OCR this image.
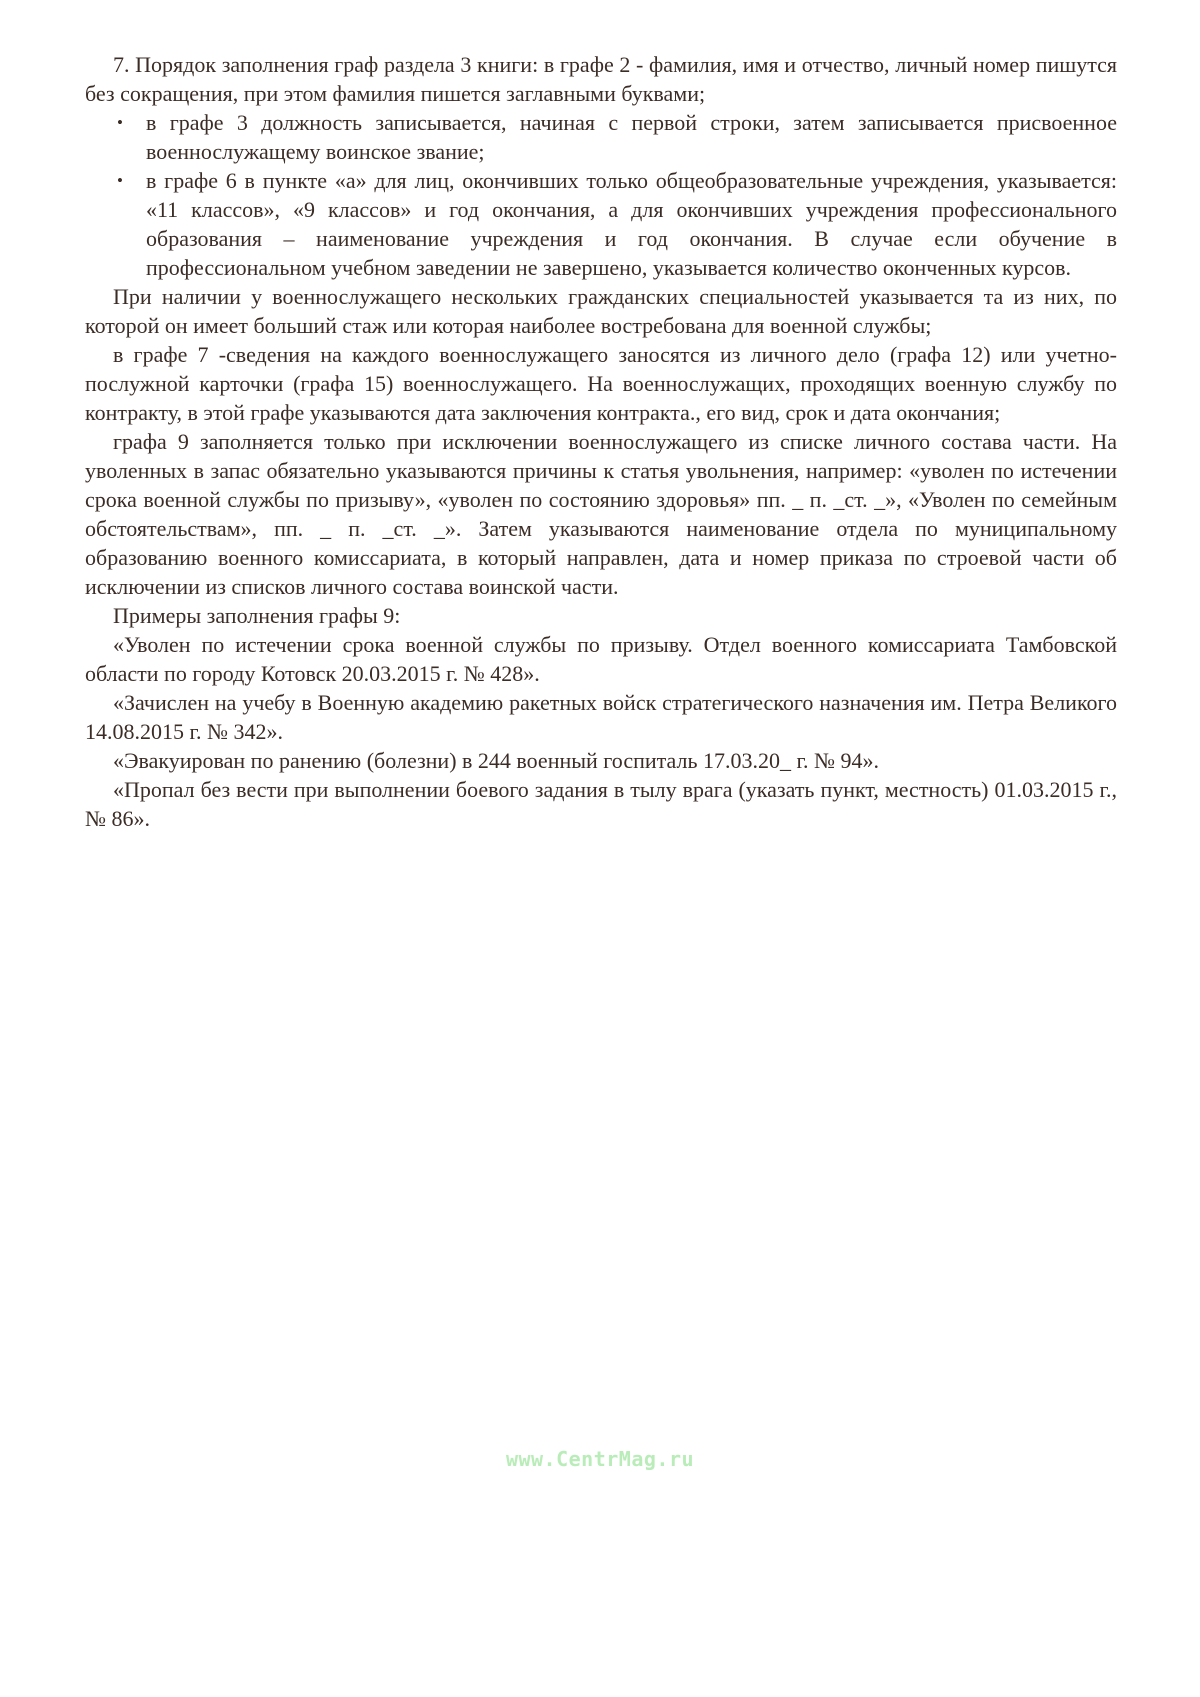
7. Порядок заполнения граф раздела 3 книги: в графе 2 - фамилия, имя и отчество, личный номер пишутся без сокращения, при этом фамилия пишется заглавными буквами;

• в графе 3 должность записывается, начиная с первой строки, затем записывается присвоенное военнослужащему воинское звание;

• в графе 6 в пункте «а» для лиц, окончивших только общеобразовательные учреждения, указывается: «11 классов», «9 классов» и год окончания, а для окончивших учреждения профессионального образования – наименование учреждения и год окончания. В случае если обучение в профессиональном учебном заведении не завершено, указывается количество оконченных курсов.

При наличии у военнослужащего нескольких гражданских специальностей указывается та из них, по которой он имеет больший стаж или которая наиболее востребована для военной службы;

в графе 7 -сведения на каждого военнослужащего заносятся из личного дело (графа 12) или учетно-послужной карточки (графа 15) военнослужащего. На военнослужащих, проходящих военную службу по контракту, в этой графе указываются дата заключения контракта., его вид, срок и дата окончания;

графа 9 заполняется только при исключении военнослужащего из списке личного состава части. На уволенных в запас обязательно указываются причины к статья увольнения, например: «уволен по истечении срока военной службы по призыву», «уволен по состоянию здоровья» пп. _ п. _ст. _», «Уволен по семейным обстоятельствам», пп. _ п. _ст. _». Затем указываются наименование отдела по муниципальному образованию военного комиссариата, в который направлен, дата и номер приказа по строевой части об исключении из списков личного состава воинской части.

Примеры заполнения графы 9:

«Уволен по истечении срока военной службы по призыву. Отдел военного комиссариата Тамбовской области по городу Котовск 20.03.2015 г. № 428».

«Зачислен на учебу в Военную академию ракетных войск стратегического назначения им. Петра Великого 14.08.2015 г. № 342».

«Эвакуирован по ранению (болезни) в 244 военный госпиталь 17.03.20_ г. № 94».

«Пропал без вести при выполнении боевого задания в тылу врага (указать пункт, местность) 01.03.2015 г., № 86».

www.CentrMag.ru
